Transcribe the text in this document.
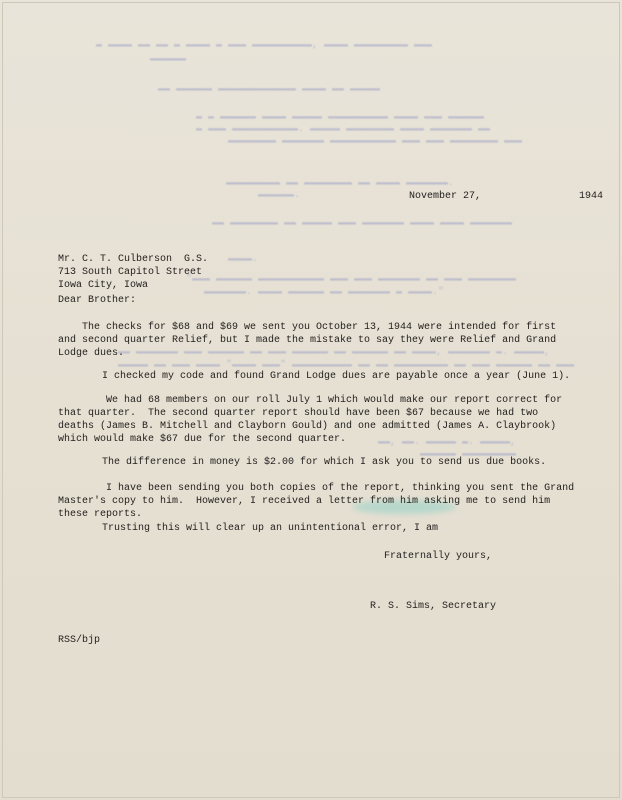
▬ ▬▬▬▬ ▬▬ ▬▬ ▬ ▬▬▬▬ ▬ ▬▬▬ ▬▬▬▬▬▬▬▬▬▬, ▬▬▬▬ ▬▬▬▬▬▬▬▬▬ ▬▬▬
▬▬▬▬▬▬
▬▬ ▬▬▬▬▬▬ ▬▬▬▬▬▬▬▬▬▬▬▬▬ ▬▬▬▬ ▬▬ ▬▬▬▬▬
▬ ▬ ▬▬▬▬▬▬ ▬▬▬▬ ▬▬▬▬▬ ▬▬▬▬▬▬▬▬▬▬ ▬▬▬▬ ▬▬▬ ▬▬▬▬▬▬
▬ ▬▬▬ ▬▬▬▬▬▬▬▬▬▬▬. ▬▬▬▬▬ ▬▬▬▬▬▬▬▬ ▬▬▬▬ ▬▬▬▬▬▬▬ ▬▬
▬▬▬▬▬▬▬▬ ▬▬▬▬▬▬▬ ▬▬▬▬▬▬▬▬▬▬▬ ▬▬▬ ▬▬▬ ▬▬▬▬▬▬▬▬ ▬▬▬
▬▬▬▬▬▬▬▬▬ ▬▬ ▬▬▬▬▬▬▬▬ ▬▬ ▬▬▬▬ ▬▬▬▬▬▬▬.
▬▬▬▬▬▬.
▬▬ ▬▬▬▬▬▬▬▬ ▬▬ ▬▬▬▬▬ ▬▬▬ ▬▬▬▬▬▬▬ ▬▬▬▬ ▬▬▬▬ ▬▬▬▬▬▬▬
▬▬▬▬.
"▬▬▬ ▬▬▬▬▬▬ ▬▬▬▬▬▬▬▬▬▬▬ ▬▬▬ ▬▬▬ ▬▬▬▬▬▬▬ ▬▬ ▬▬▬ ▬▬▬▬▬▬▬▬
▬▬▬▬▬▬▬. ▬▬▬▬ ▬▬▬▬▬▬ ▬▬ ▬▬▬▬▬▬▬ ▬ ▬▬▬▬."
▬▬ ▬▬▬▬▬▬▬ ▬▬▬ ▬▬▬▬▬▬ ▬▬ ▬▬▬ ▬▬▬▬▬▬ ▬▬ ▬▬▬▬▬▬ ▬▬ ▬▬▬▬, ▬▬▬▬▬▬▬ ▬. ▬▬▬▬▬,
▬▬▬▬▬ ▬▬ ▬▬▬ ▬▬▬▬ "▬▬▬▬ ▬▬▬" ▬▬▬▬▬▬▬▬▬▬ ▬▬ ▬▬ ▬▬▬▬▬▬▬▬▬ ▬▬ ▬▬▬ ▬▬▬▬▬▬ ▬▬ ▬▬▬
▬▬, ▬▬. ▬▬▬▬▬ ▬. ▬▬▬▬▬,
▬▬▬▬▬▬ ▬▬▬▬▬▬▬▬▬

November 27,	1944

Mr. C. T. Culberson  G.S.
713 South Capitol Street
Iowa City, Iowa

Dear Brother:

The checks for $68 and $69 we sent you October 13, 1944 were intended for first
and second quarter Relief, but I made the mistake to say they were Relief and Grand
Lodge dues.

I checked my code and found Grand Lodge dues are payable once a year (June 1).

We had 68 members on our roll July 1 which would make our report correct for
that quarter.  The second quarter report should have been $67 because we had two
deaths (James B. Mitchell and Clayborn Gould) and one admitted (James A. Claybrook)
which would make $67 due for the second quarter.

The difference in money is $2.00 for which I ask you to send us due books.

I have been sending you both copies of the report, thinking you sent the Grand
Master's copy to him.  However, I received a letter from him asking me to send him
these reports.

Trusting this will clear up an unintentional error, I am

Fraternally yours,

R. S. Sims, Secretary

RSS/bjp
